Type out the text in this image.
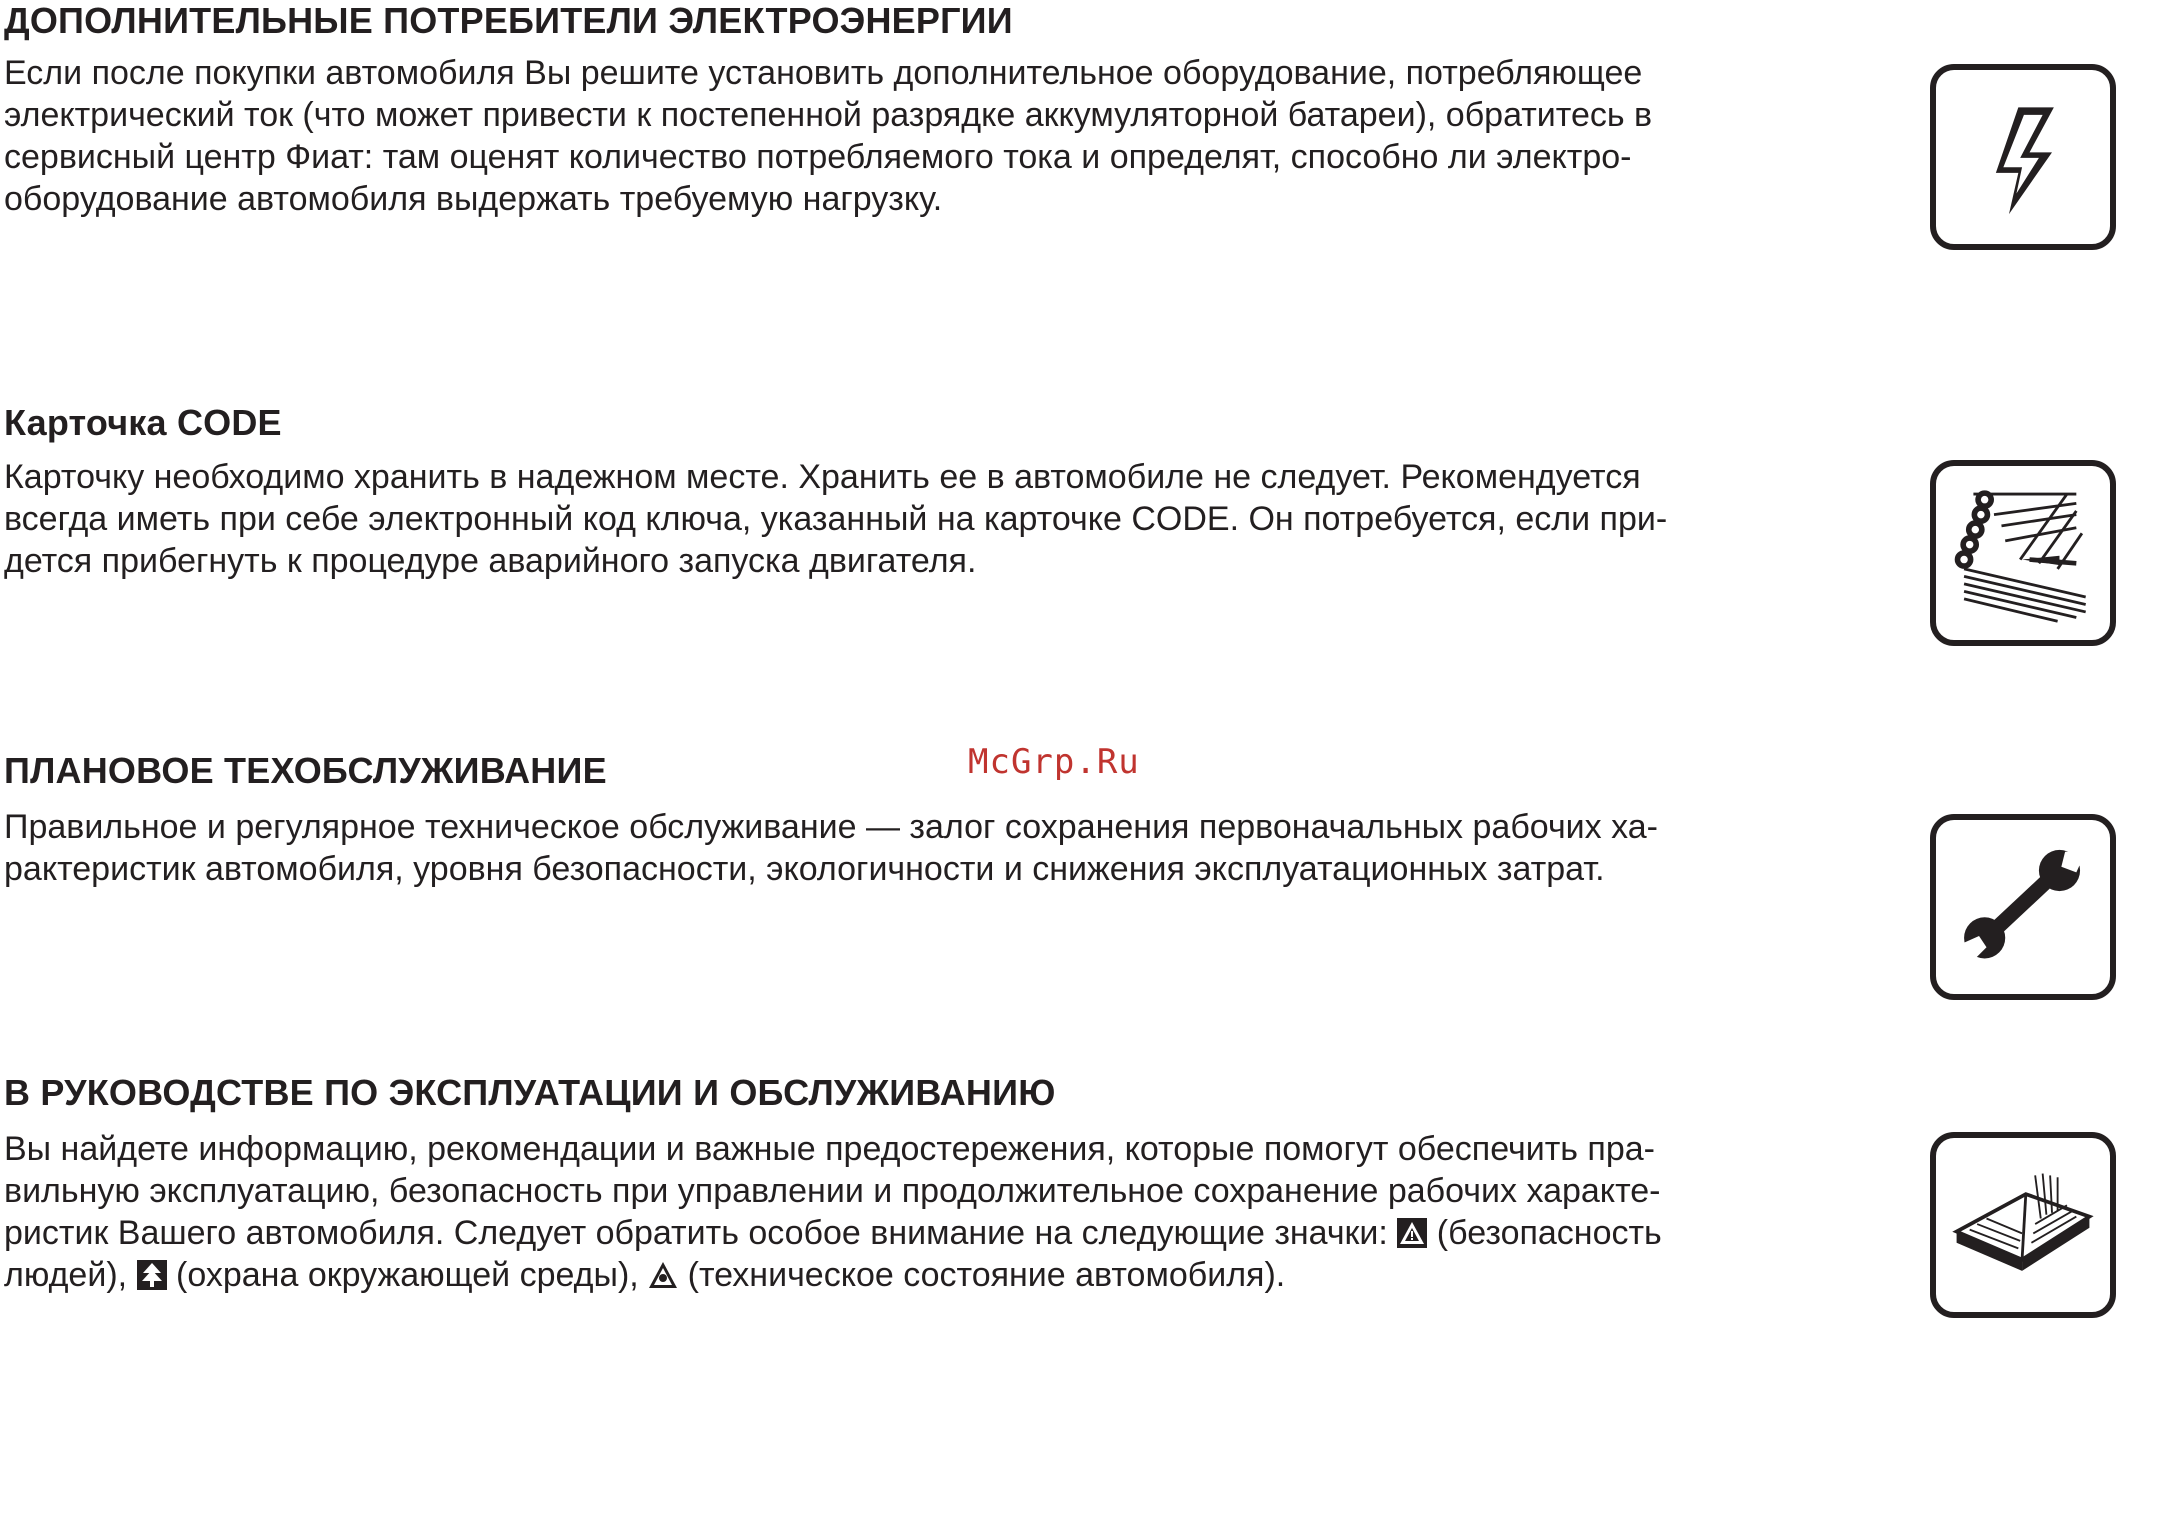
ДОПОЛНИТЕЛЬНЫЕ ПОТРЕБИТЕЛИ ЭЛЕКТРОЭНЕРГИИ

Если после покупки автомобиля Вы решите установить дополнительное оборудование, потребляющее
электрический ток (что может привести к постепенной разрядке аккумуляторной батареи), обратитесь в
сервисный центр Фиат: там оценят количество потребляемого тока и определят, способно ли электро-
оборудование автомобиля выдержать требуемую нагрузку.

Карточка CODE

Карточку необходимо хранить в надежном месте. Хранить ее в автомобиле не следует. Рекомендуется
всегда иметь при себе электронный код ключа, указанный на карточке CODE. Он потребуется, если при-
дется прибегнуть к процедуре аварийного запуска двигателя.

ПЛАНОВОЕ ТЕХОБСЛУЖИВАНИЕ

Правильное и регулярное техническое обслуживание — залог сохранения первоначальных рабочих ха-
рактеристик автомобиля, уровня безопасности, экологичности и снижения эксплуатационных затрат.

В РУКОВОДСТВЕ ПО ЭКСПЛУАТАЦИИ И ОБСЛУЖИВАНИЮ

Вы найдете информацию, рекомендации и важные предостережения, которые помогут обеспечить пра-
вильную эксплуатацию, безопасность при управлении и продолжительное сохранение рабочих характе-
ристик Вашего автомобиля. Следует обратить особое внимание на следующие значки: (безопасность
людей), (охрана окружающей среды), (техническое состояние автомобиля).

McGrp.Ru
